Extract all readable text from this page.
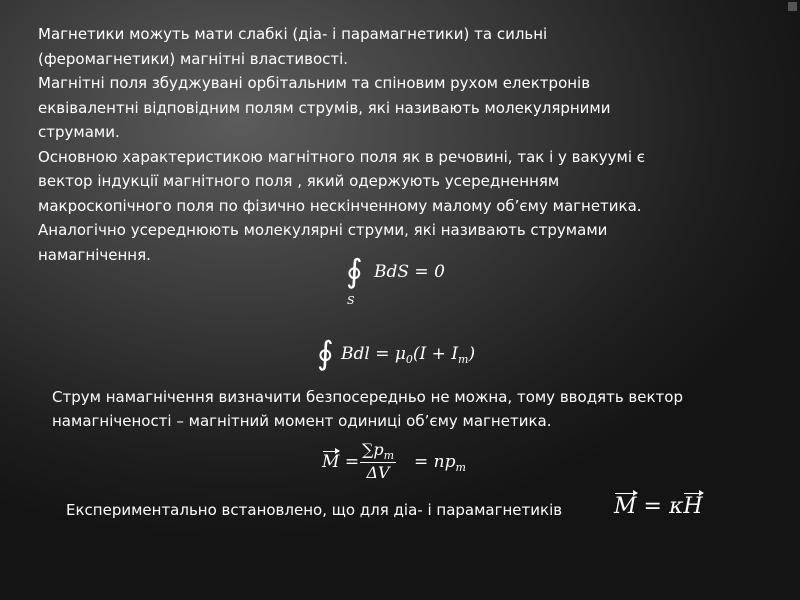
Магнетики можуть мати слабкі (діа- і парамагнетики) та сильні
(феромагнетики) магнітні властивості.
Магнітні поля збуджувані орбітальним та спіновим рухом електронів
еквівалентні відповідним полям струмів, які називають молекулярними
струмами.
Основною характеристикою магнітного поля як в речовині, так і у вакуумі є
вектор індукції магнітного поля , який одержують усередненням
макроскопічного поля по фізично нескінченному малому об’єму магнетика.
Аналогічно усереднюють молекулярні струми, які називають струмами
намагнічення.	∮
S
BdS = 0
∮ Bdl = $\mu_0(I + I_m)$

Струм намагнічення визначити безпосередньо не можна, тому вводять вектор
намагніченості – магнітний момент одиниці об’єму магнетика.

$M = \frac{\sum p_m}{\Delta V} = np_m$

Експериментально встановлено, що для діа- і парамагнетиків	M = κH
